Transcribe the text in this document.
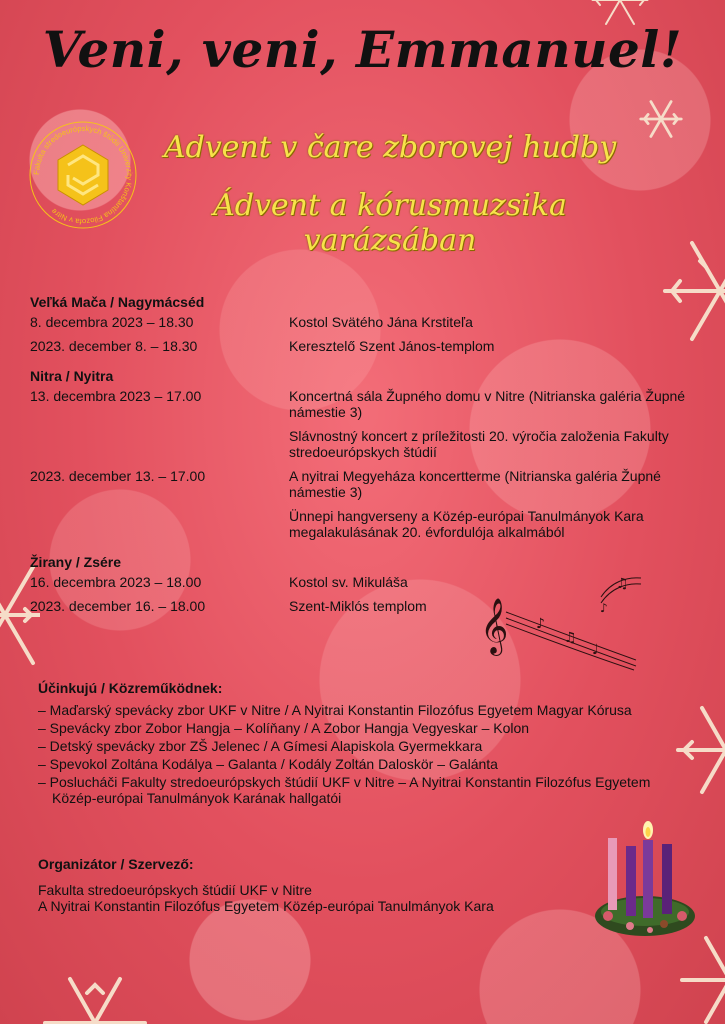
Veni, veni, Emmanuel!
Fakulta stredoeurópskych štúdií Univerzity Konštantína Filozofa v Nitre
Advent v čare zborovej hudby
Ádvent a kórusmuzsika varázsában
Veľká Mača / Nagymácséd
8. decembra 2023 – 18.30	Kostol Svätého Jána Krstiteľa

2023. december 8. – 18.30	Keresztelő Szent János-templom

Nitra / Nyitra
13. decembra 2023 – 17.00	Koncertná sála Župného domu v Nitre (Nitrianska galéria Župné námestie 3)

Slávnostný koncert z príležitosti 20. výročia založenia Fakulty stredoeurópskych štúdií

2023. december 13. – 17.00	A nyitrai Megyeháza koncertterme (Nitrianska galéria Župné námestie 3)

Ünnepi hangverseny a Közép-európai Tanulmányok Kara megalakulásának 20. évfordulója alkalmából

Žirany / Zsére
16. decembra 2023 – 18.00	Kostol sv. Mikuláša

2023. december 16. – 18.00	Szent-Miklós templom	𝄞 ♪
♫
♩
♫
♪
Účinkujú / Közreműködnek:
– Maďarský spevácky zbor UKF v Nitre / A Nyitrai Konstantin Filozófus Egyetem Magyar Kórusa
– Spevácky zbor Zobor Hangja – Kolíňany / A Zobor Hangja Vegyeskar – Kolon
– Detský spevácky zbor ZŠ Jelenec / A Gímesi Alapiskola Gyermekkara
– Spevokol Zoltána Kodálya – Galanta / Kodály Zoltán Daloskör – Galánta
– Poslucháči Fakulty stredoeurópskych štúdií UKF v Nitre – A Nyitrai Konstantin Filozófus Egyetem Közép-európai Tanulmányok Karának hallgatói
Organizátor / Szervező:
Fakulta stredoeurópskych štúdií UKF v Nitre
A Nyitrai Konstantin Filozófus Egyetem Közép-európai Tanulmányok Kara
